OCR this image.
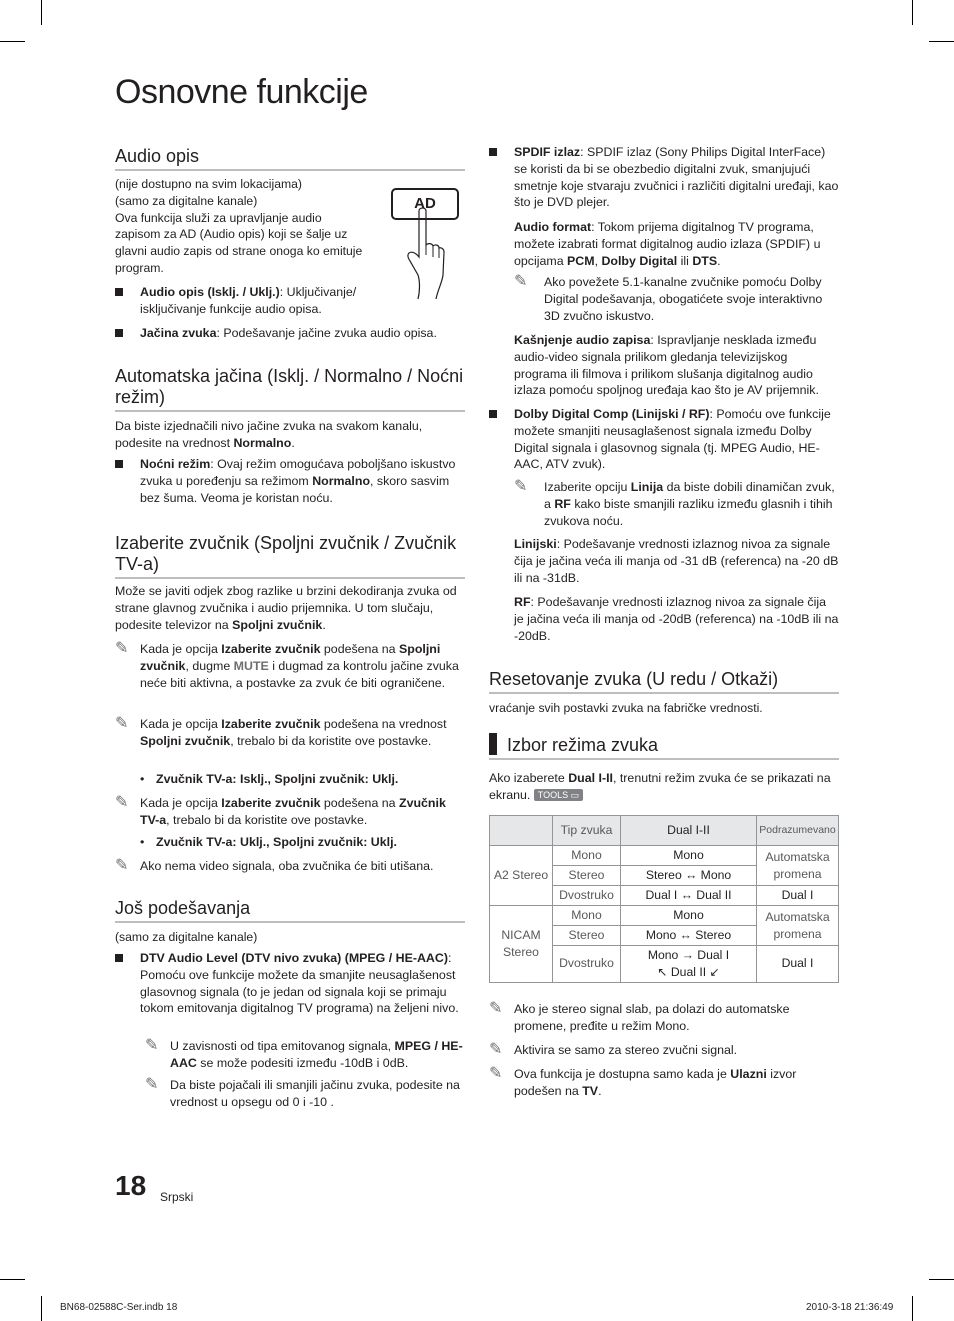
Osnovne funkcije
Audio opis

(nije dostupno na svim lokacijama)

(samo za digitalne kanale)

Ova funkcija služi za upravljanje audio zapisom za AD (Audio opis) koji se šalje uz glavni audio zapis od strane onoga ko emituje program.

Audio opis (Isklj. / Uklj.): Uključivanje/ isključivanje funkcije audio opisa.
Jačina zvuka: Podešavanje jačine zvuka audio opisa.
Automatska jačina (Isklj. / Normalno / Noćni režim)
Da biste izjednačili nivo jačine zvuka na svakom kanalu, podesite na vrednost Normalno.
Noćni režim: Ovaj režim omogućava poboljšano iskustvo zvuka u poređenju sa režimom Normalno, skoro sasvim bez šuma. Veoma je koristan noću.
Izaberite zvučnik (Spoljni zvučnik / Zvučnik TV-a)
Može se javiti odjek zbog razlike u brzini dekodiranja zvuka od strane glavnog zvučnika i audio prijemnika. U tom slučaju, podesite televizor na Spoljni zvučnik.
✎ Kada je opcija Izaberite zvučnik podešena na Spoljni zvučnik, dugme MUTE i dugmad za kontrolu jačine zvuka neće biti aktivna, a postavke za zvuk će biti ograničene.
✎ Kada je opcija Izaberite zvučnik podešena na vrednost Spoljni zvučnik, trebalo bi da koristite ove postavke.
• Zvučnik TV-a: Isklj., Spoljni zvučnik: Uklj.
✎ Kada je opcija Izaberite zvučnik podešena na Zvučnik TV-a, trebalo bi da koristite ove postavke.
• Zvučnik TV-a: Uklj., Spoljni zvučnik: Uklj.
✎ Ako nema video signala, oba zvučnika će biti utišana.
Još podešavanja
(samo za digitalne kanale)
DTV Audio Level (DTV nivo zvuka) (MPEG / HE-AAC): Pomoću ove funkcije možete da smanjite neusaglašenost glasovnog signala (to je jedan od signala koji se primaju tokom emitovanja digitalnog TV programa) na željeni nivo.
✎ U zavisnosti od tipa emitovanog signala, MPEG / HE-AAC se može podesiti između -10dB i 0dB.
✎ Da biste pojačali ili smanjili jačinu zvuka, podesite na vrednost u opsegu od 0 i -10 .
AD
SPDIF izlaz: SPDIF izlaz (Sony Philips Digital InterFace) se koristi da bi se obezbedio digitalni zvuk, smanjujući smetnje koje stvaraju zvučnici i različiti digitalni uređaji, kao što je DVD plejer.
Audio format: Tokom prijema digitalnog TV programa, možete izabrati format digitalnog audio izlaza (SPDIF) u opcijama PCM, Dolby Digital ili DTS.
✎ Ako povežete 5.1-kanalne zvučnike pomoću Dolby Digital podešavanja, obogatićete svoje interaktivno 3D zvučno iskustvo.
Kašnjenje audio zapisa: Ispravljanje nesklada između audio-video signala prilikom gledanja televizijskog programa ili filmova i prilikom slušanja digitalnog audio izlaza pomoću spoljnog uređaja kao što je AV prijemnik.
Dolby Digital Comp (Linijski / RF): Pomoću ove funkcije možete smanjiti neusaglašenost signala između Dolby Digital signala i glasovnog signala (tj. MPEG Audio, HE-AAC, ATV zvuk).
✎ Izaberite opciju Linija da biste dobili dinamičan zvuk, a RF kako biste smanjili razliku između glasnih i tihih zvukova noću.
Linijski: Podešavanje vrednosti izlaznog nivoa za signale čija je jačina veća ili manja od -31 dB (referenca) na -20 dB ili na -31dB.
RF: Podešavanje vrednosti izlaznog nivoa za signale čija je jačina veća ili manja od -20dB (referenca) na -10dB ili na -20dB.
Resetovanje zvuka (U redu / Otkaži)
vraćanje svih postavki zvuka na fabričke vrednosti.
Izbor režima zvuka
Ako izaberete Dual I-II, trenutni režim zvuka će se prikazati na ekranu. TOOLS ▭
	Tip zvuka	Dual I-II	Podrazumevano
A2 Stereo	Mono	Mono	Automatska promena
	Stereo	Stereo ↔ Mono	
	Dvostruko	Dual I ↔ Dual II	Dual I
NICAM Stereo	Mono	Mono	Automatska promena
	Stereo	Mono ↔ Stereo	
	Dvostruko	Mono → Dual I
↖ Dual II ↙	Dual I
✎ Ako je stereo signal slab, pa dolazi do automatske promene, pređite u režim Mono.
✎ Aktivira se samo za stereo zvučni signal.
✎ Ova funkcija je dostupna samo kada je Ulazni izvor podešen na TV.
18 Srpski
BN68-02588C-Ser.indb 18	2010-3-18 21:36:49
